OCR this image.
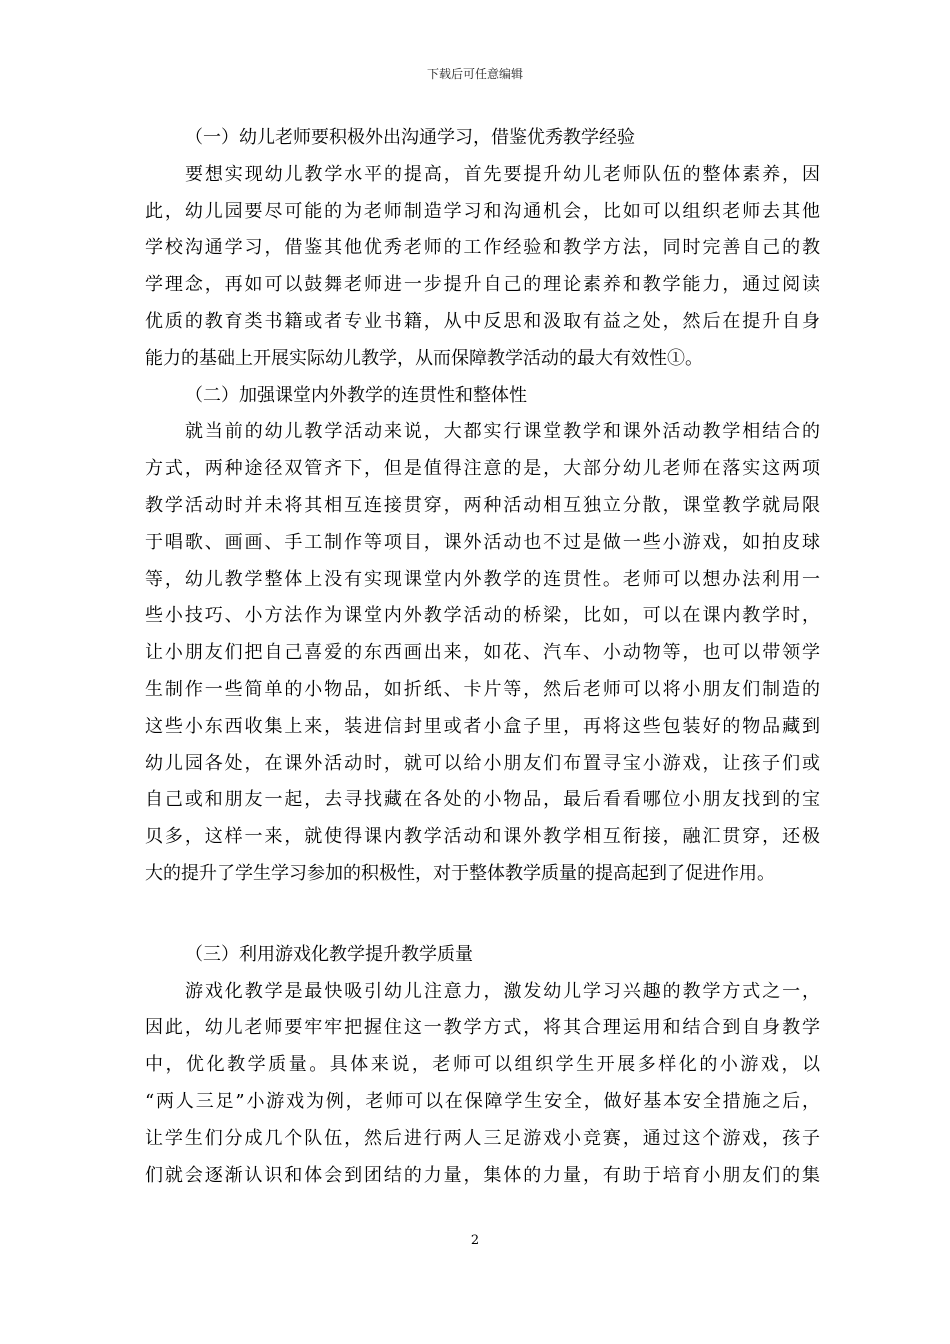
下载后可任意编辑
（一）幼儿老师要积极外出沟通学习，借鉴优秀教学经验
要想实现幼儿教学水平的提高，首先要提升幼儿老师队伍的整体素养，因
此，幼儿园要尽可能的为老师制造学习和沟通机会，比如可以组织老师去其他
学校沟通学习，借鉴其他优秀老师的工作经验和教学方法，同时完善自己的教
学理念，再如可以鼓舞老师进一步提升自己的理论素养和教学能力，通过阅读
优质的教育类书籍或者专业书籍，从中反思和汲取有益之处，然后在提升自身
能力的基础上开展实际幼儿教学，从而保障教学活动的最大有效性①。
（二）加强课堂内外教学的连贯性和整体性
就当前的幼儿教学活动来说，大都实行课堂教学和课外活动教学相结合的
方式，两种途径双管齐下，但是值得注意的是，大部分幼儿老师在落实这两项
教学活动时并未将其相互连接贯穿，两种活动相互独立分散，课堂教学就局限
于唱歌、画画、手工制作等项目，课外活动也不过是做一些小游戏，如拍皮球
等，幼儿教学整体上没有实现课堂内外教学的连贯性。老师可以想办法利用一
些小技巧、小方法作为课堂内外教学活动的桥梁，比如，可以在课内教学时，
让小朋友们把自己喜爱的东西画出来，如花、汽车、小动物等，也可以带领学
生制作一些简单的小物品，如折纸、卡片等，然后老师可以将小朋友们制造的
这些小东西收集上来，装进信封里或者小盒子里，再将这些包装好的物品藏到
幼儿园各处，在课外活动时，就可以给小朋友们布置寻宝小游戏，让孩子们或
自己或和朋友一起，去寻找藏在各处的小物品，最后看看哪位小朋友找到的宝
贝多，这样一来，就使得课内教学活动和课外教学相互衔接，融汇贯穿，还极
大的提升了学生学习参加的积极性，对于整体教学质量的提高起到了促进作用。
（三）利用游戏化教学提升教学质量
游戏化教学是最快吸引幼儿注意力，激发幼儿学习兴趣的教学方式之一，
因此，幼儿老师要牢牢把握住这一教学方式，将其合理运用和结合到自身教学
中，优化教学质量。具体来说，老师可以组织学生开展多样化的小游戏，以
“两人三足”小游戏为例，老师可以在保障学生安全，做好基本安全措施之后，
让学生们分成几个队伍，然后进行两人三足游戏小竞赛，通过这个游戏，孩子
们就会逐渐认识和体会到团结的力量，集体的力量，有助于培育小朋友们的集
2
